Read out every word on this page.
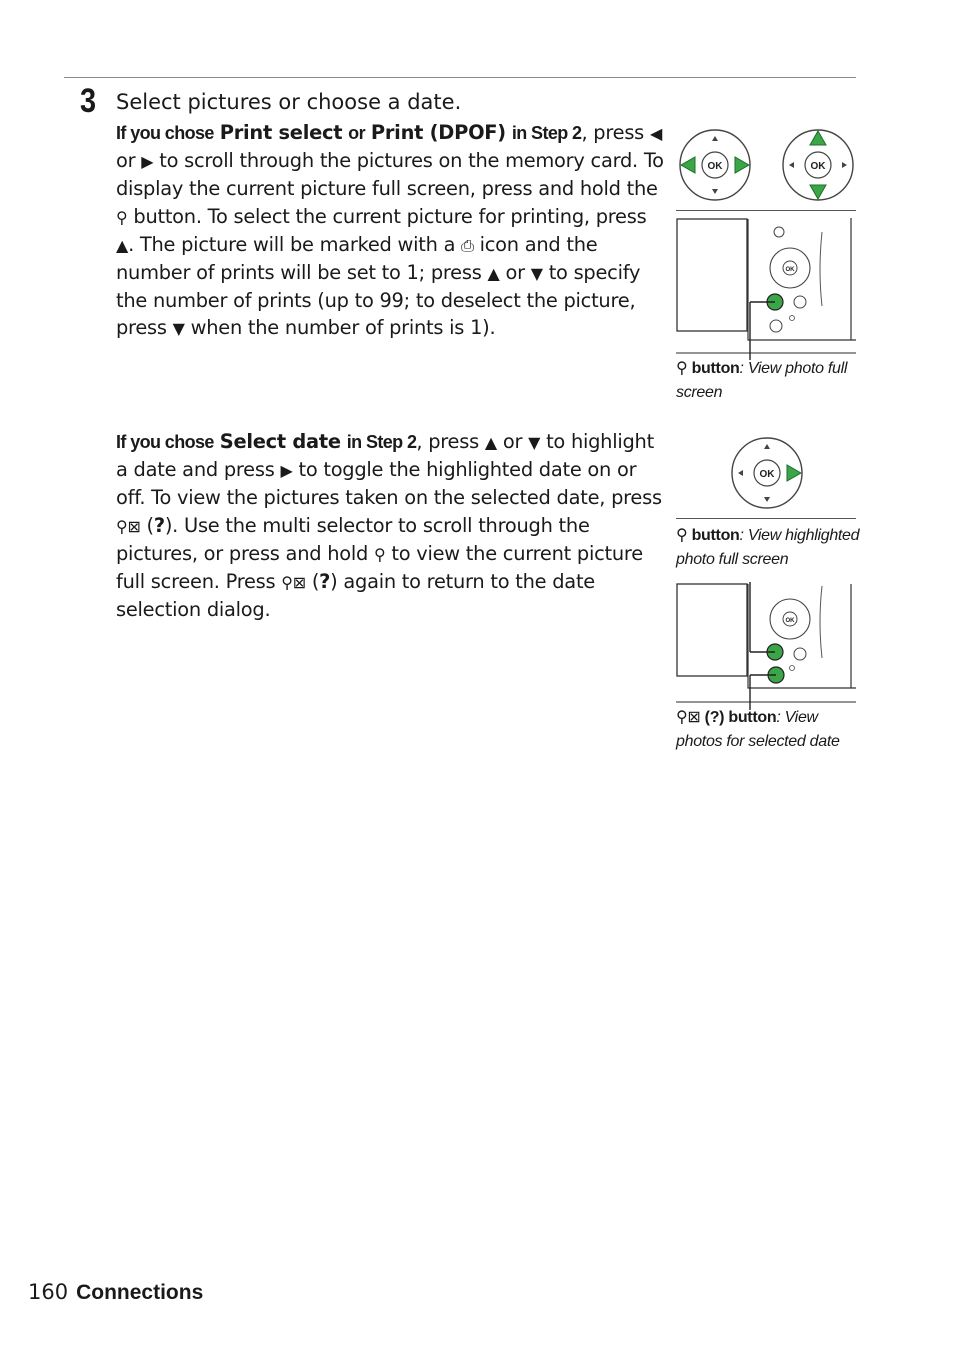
3 Select pictures or choose a date.
If you chose Print select or Print (DPOF) in Step 2, press ◀ or ▶ to scroll through the pictures on the memory card. To display the current picture full screen, press and hold the ⚲ button. To select the current picture for printing, press ▲. The picture will be marked with a ⎙ icon and the number of prints will be set to 1; press ▲ or ▼ to specify the number of prints (up to 99; to deselect the picture, press ▼ when the number of prints is 1).
If you chose Select date in Step 2, press ▲ or ▼ to highlight a date and press ▶ to toggle the highlighted date on or off. To view the pictures taken on the selected date, press ⚲⊠ (?). Use the multi selector to scroll through the pictures, or press and hold ⚲ to view the current picture full screen. Press ⚲⊠ (?) again to return to the date selection dialog.
OK	OK
OK
⚲ button: View photo full screen
OK
⚲ button: View highlighted photo full screen
OK
⚲⊠ (?) button: View photos for selected date
160 Connections
